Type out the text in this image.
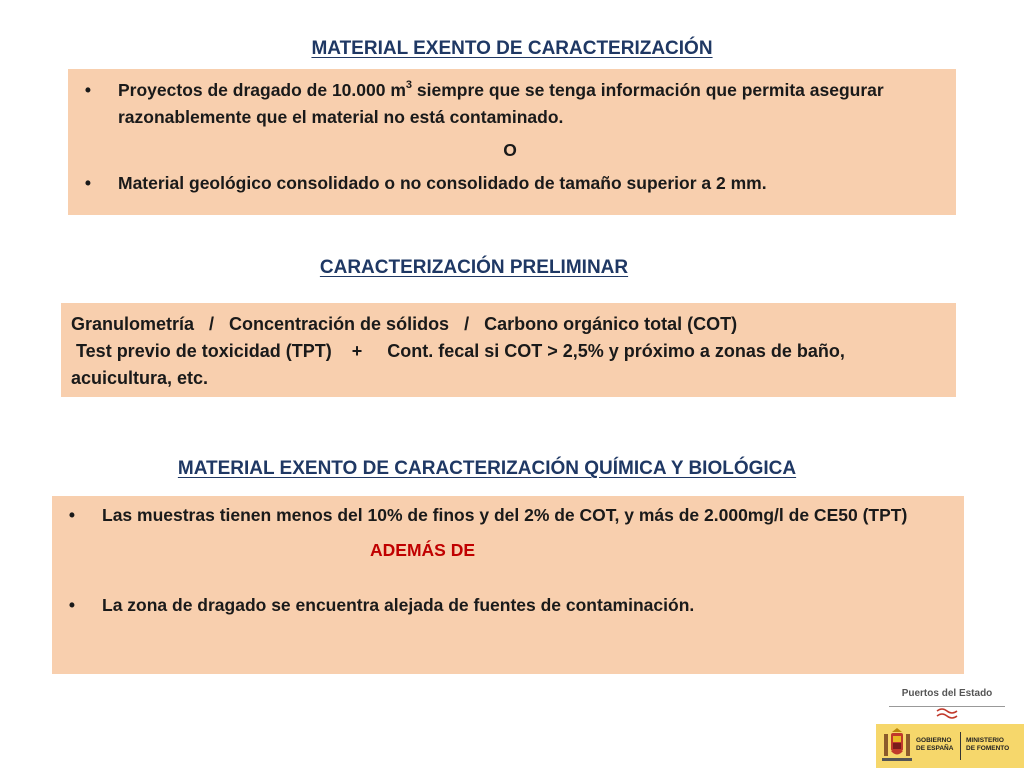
MATERIAL EXENTO DE CARACTERIZACIÓN
•	Proyectos de dragado de 10.000 $m^3$ siempre que se tenga información que permita asegurar razonablemente que el material no está contaminado.
O
•	Material geológico consolidado o no consolidado de tamaño superior a 2 mm.
CARACTERIZACIÓN PRELIMINAR
Granulometría   /   Concentración de sólidos   /   Carbono orgánico total (COT)
Test previo de toxicidad (TPT)    +     Cont. fecal si COT > 2,5% y próximo a zonas de baño, acuicultura, etc.
MATERIAL EXENTO DE CARACTERIZACIÓN QUÍMICA Y BIOLÓGICA
•	Las muestras tienen menos del 10% de finos y del 2% de COT, y más de 2.000mg/l de CE50 (TPT)
ADEMÁS DE
•	La zona de dragado se encuentra alejada de fuentes de contaminación.
Puertos del Estado
GOBIERNO
DE ESPAÑA
MINISTERIO
DE FOMENTO
